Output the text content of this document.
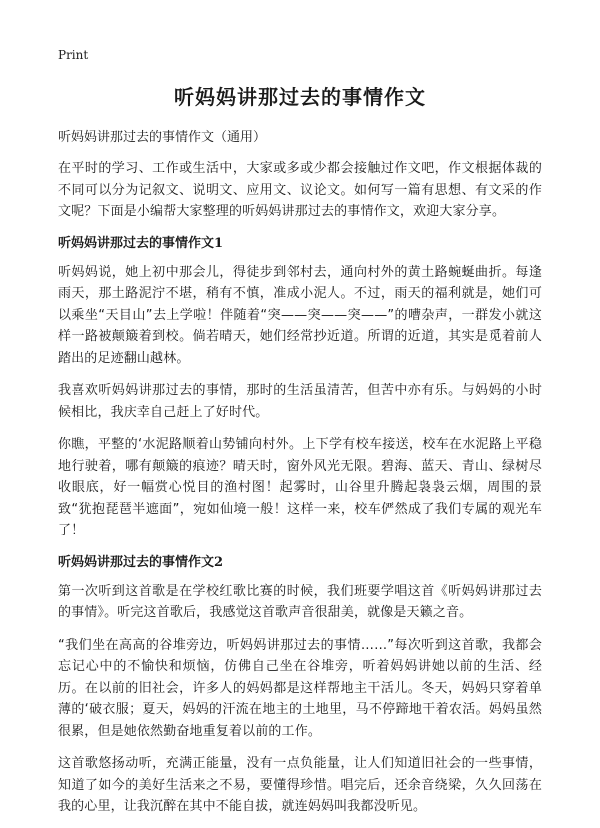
Print
听妈妈讲那过去的事情作文
听妈妈讲那过去的事情作文（通用）

在平时的学习、工作或生活中，大家或多或少都会接触过作文吧，作文根据体裁的不同可以分为记叙文、说明文、应用文、议论文。如何写一篇有思想、有文采的作文呢？下面是小编帮大家整理的听妈妈讲那过去的事情作文，欢迎大家分享。

听妈妈讲那过去的事情作文1

听妈妈说，她上初中那会儿，得徒步到邻村去，通向村外的黄土路蜿蜒曲折。每逢雨天，那土路泥泞不堪，稍有不慎，准成小泥人。不过，雨天的福利就是，她们可以乘坐“天目山”去上学啦！伴随着“突——突——突——”的嘈杂声，一群发小就这样一路被颠簸着到校。倘若晴天，她们经常抄近道。所谓的近道，其实是觅着前人踏出的足迹翻山越林。

我喜欢听妈妈讲那过去的事情，那时的生活虽清苦，但苦中亦有乐。与妈妈的小时候相比，我庆幸自己赶上了好时代。

你瞧，平整的‘水泥路顺着山势铺向村外。上下学有校车接送，校车在水泥路上平稳地行驶着，哪有颠簸的痕迹？晴天时，窗外风光无限。碧海、蓝天、青山、绿树尽收眼底，好一幅赏心悦目的渔村图！起雾时，山谷里升腾起袅袅云烟，周围的景致“犹抱琵琶半遮面”，宛如仙境一般！这样一来，校车俨然成了我们专属的观光车了！

听妈妈讲那过去的事情作文2

第一次听到这首歌是在学校红歌比赛的时候，我们班要学唱这首《听妈妈讲那过去的事情》。听完这首歌后，我感觉这首歌声音很甜美，就像是天籁之音。

“我们坐在高高的谷堆旁边，听妈妈讲那过去的事情……”每次听到这首歌，我都会忘记心中的不愉快和烦恼，仿佛自己坐在谷堆旁，听着妈妈讲她以前的生活、经历。在以前的旧社会，许多人的妈妈都是这样帮地主干活儿。冬天，妈妈只穿着单薄的‘破衣服；夏天，妈妈的汗流在地主的土地里，马不停蹄地干着农活。妈妈虽然很累，但是她依然勤奋地重复着以前的工作。

这首歌悠扬动听，充满正能量，没有一点负能量，让人们知道旧社会的一些事情，知道了如今的美好生活来之不易，要懂得珍惜。唱完后，还余音绕梁，久久回荡在我的心里，让我沉醉在其中不能自拔，就连妈妈叫我都没听见。
